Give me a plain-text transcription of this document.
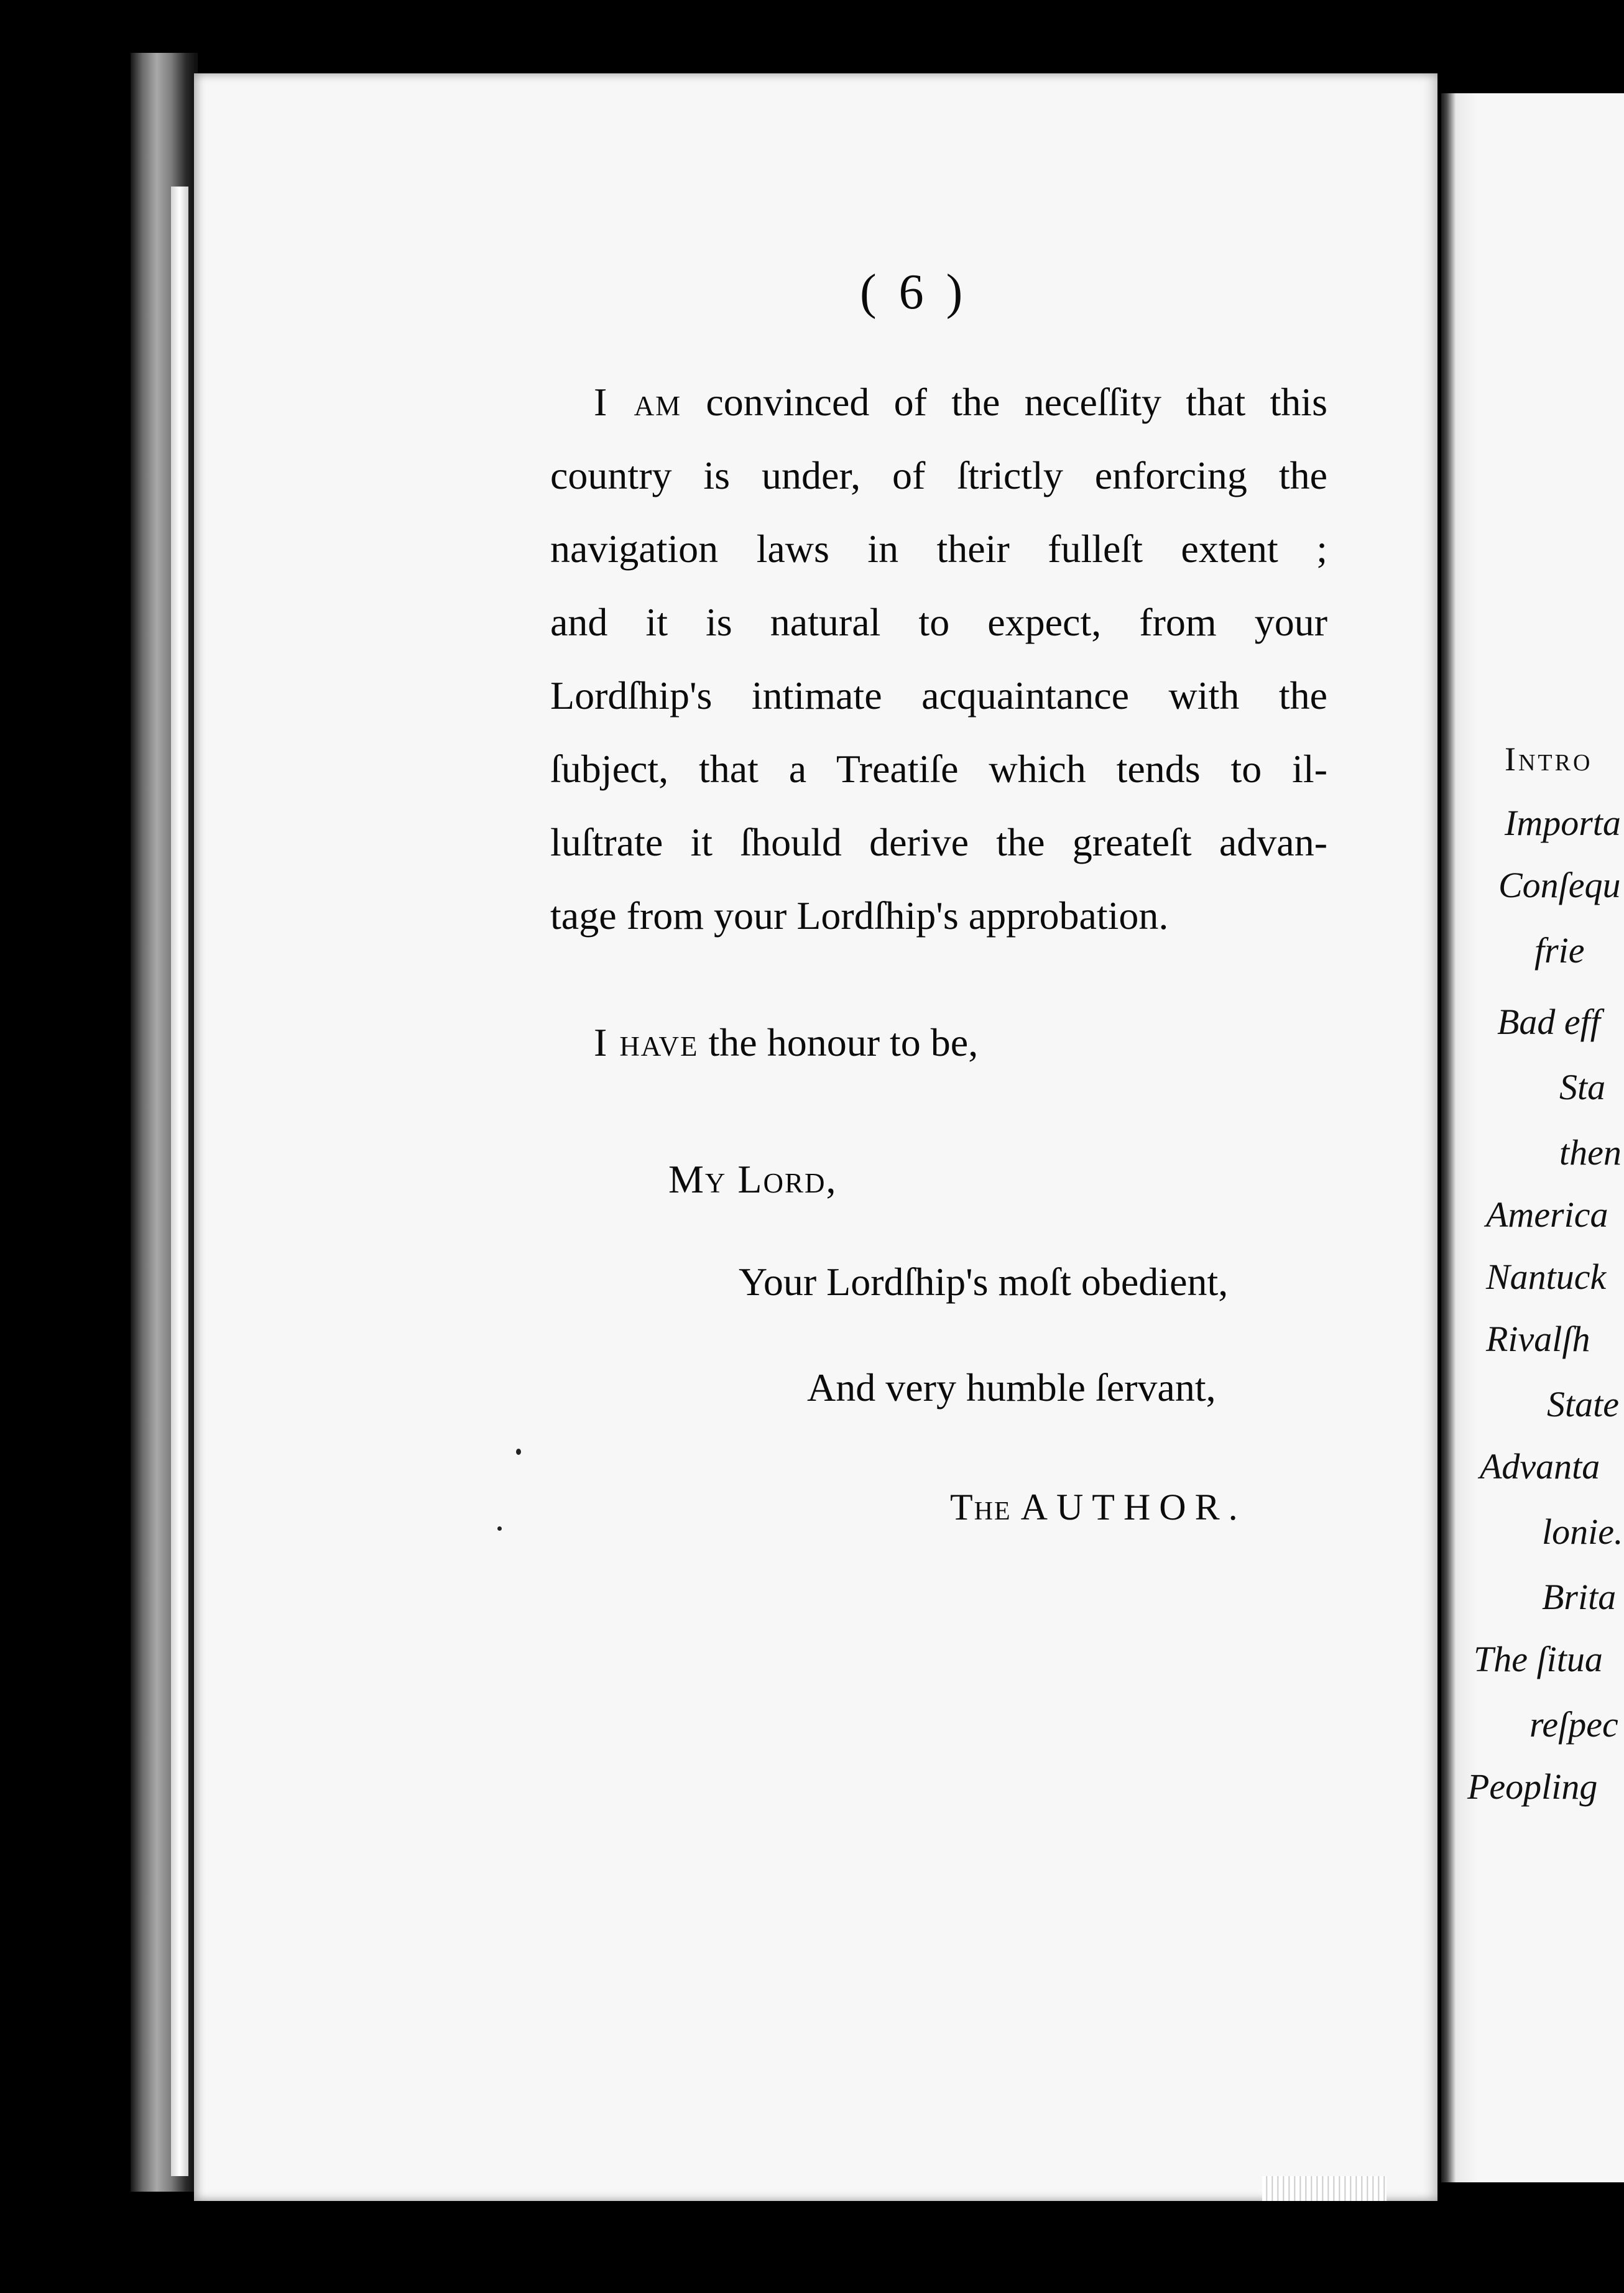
( 6 )
I am convinced of the neceſſity that this
country is under, of ſtrictly enforcing the
navigation laws in their fulleſt extent ;
and it is natural to expect, from your
Lordſhip's intimate acquaintance with the
ſubject, that a Treatiſe which tends to il-
luſtrate it ſhould derive the greateſt advan-
tage from your Lordſhip's approbation.
I have the honour to be,
My Lord,
Your Lordſhip's moſt obedient,
And very humble ſervant,
The AUTHOR.
Intro
Importa
Conſequ
frie
Bad eff
Sta
then
America
Nantuck
Rivalſh
State
Advanta
lonie.
Brita
The ſitua
reſpec
Peopling
